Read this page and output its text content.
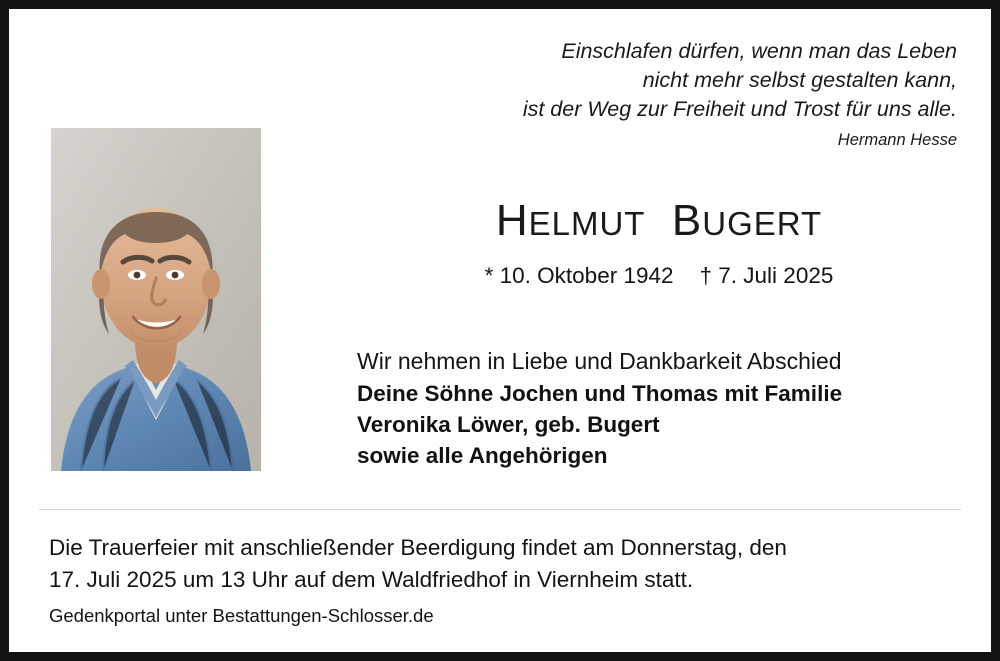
Einschlafen dürfen, wenn man das Leben
nicht mehr selbst gestalten kann,
ist der Weg zur Freiheit und Trost für uns alle.
Hermann Hesse
HELMUT BUGERT
* 10. Oktober 1942 † 7. Juli 2025
Wir nehmen in Liebe und Dankbarkeit Abschied
Deine Söhne Jochen und Thomas mit Familie
Veronika Löwer, geb. Bugert
sowie alle Angehörigen
Die Trauerfeier mit anschließender Beerdigung findet am Donnerstag, den
17. Juli 2025 um 13 Uhr auf dem Waldfriedhof in Viernheim statt.
Gedenkportal unter Bestattungen-Schlosser.de
